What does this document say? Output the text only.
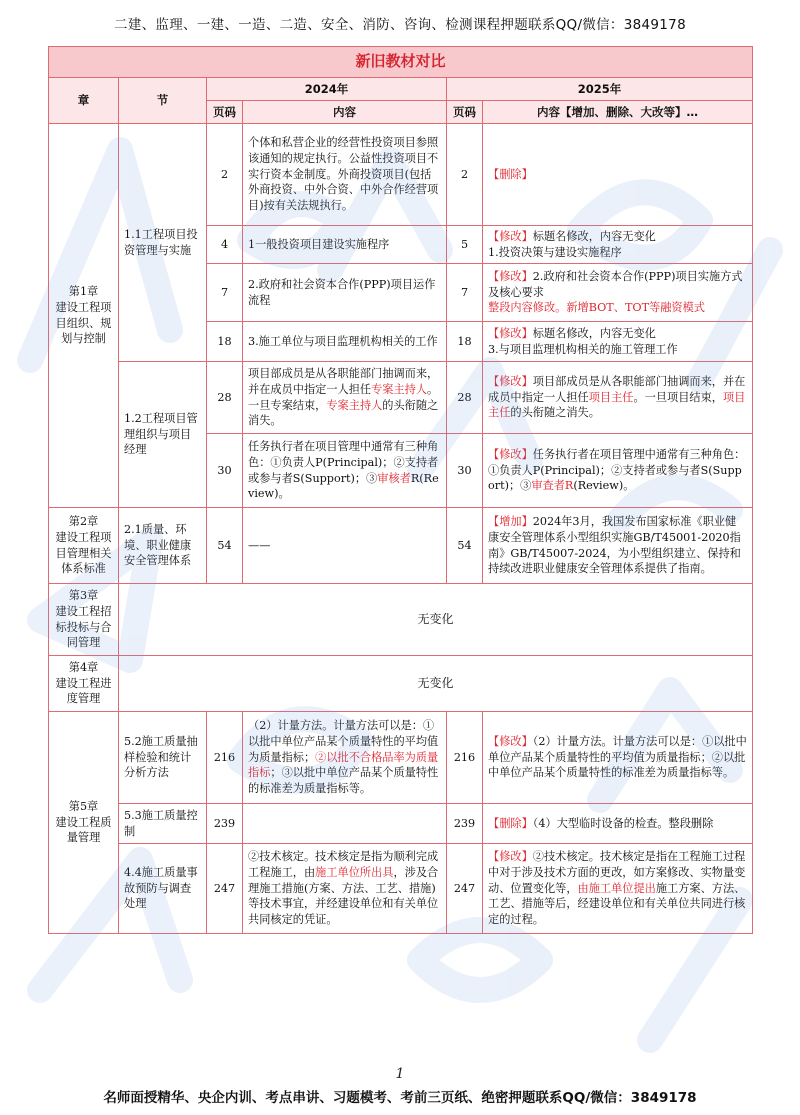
二建、监理、一建、一造、二造、安全、消防、咨询、检测课程押题联系QQ/微信：3849178
新旧教材对比					
章	节	2024年		2025年	
		页码	内容	页码	内容【增加、删除、大改等】…
第1章
建设工程项目组织、规划与控制	1.1工程项目投资管理与实施	2	个体和私营企业的经营性投资项目参照该通知的规定执行。公益性投资项目不实行资本金制度。外商投资项目(包括外商投资、中外合资、中外合作经营项目)按有关法规执行。	2	【删除】
		4	1一般投资项目建设实施程序	5	【修改】标题名修改，内容无变化
1.投资决策与建设实施程序
		7	2.政府和社会资本合作(PPP)项目运作流程	7	【修改】2.政府和社会资本合作(PPP)项目实施方式及核心要求
整段内容修改。新增BOT、TOT等融资模式
		18	3.施工单位与项目监理机构相关的工作	18	【修改】标题名修改，内容无变化
3.与项目监理机构相关的施工管理工作
	1.2工程项目管理组织与项目经理	28	项目部成员是从各职能部门抽调而来，并在成员中指定一人担任专案主持人。一旦专案结束，专案主持人的头衔随之消失。	28	【修改】项目部成员是从各职能部门抽调而来，并在成员中指定一人担任项目主任。一旦项目结束，项目主任的头衔随之消失。
		30	任务执行者在项目管理中通常有三种角色：①负责人P(Principal)；②支持者或参与者S(Support)；③审核者R(Review)。	30	【修改】任务执行者在项目管理中通常有三种角色：①负责人P(Principal)；②支持者或参与者S(Support)；③审查者R(Review)。
第2章
建设工程项目管理相关体系标准	2.1质量、环境、职业健康安全管理体系	54	——	54	【增加】2024年3月，我国发布国家标准《职业健康安全管理体系小型组织实施GB/T45001-2020指南》GB/T45007-2024，为小型组织建立、保持和持续改进职业健康安全管理体系提供了指南。
第3章
建设工程招标投标与合同管理	无变化				
第4章
建设工程进度管理	无变化				
第5章
建设工程质量管理	5.2施工质量抽样检验和统计分析方法	216	（2）计量方法。计量方法可以是：①以批中单位产品某个质量特性的平均值为质量指标；②以批不合格品率为质量指标；③以批中单位产品某个质量特性的标准差为质量指标等。	216	【修改】（2）计量方法。计量方法可以是：①以批中单位产品某个质量特性的平均值为质量指标；②以批中单位产品某个质量特性的标准差为质量指标等。
	5.3施工质量控制	239		239	【删除】（4）大型临时设备的检查。整段删除
	4.4施工质量事故预防与调查处理	247	②技术核定。技术核定是指为顺利完成工程施工，由施工单位所出具，涉及合理施工措施(方案、方法、工艺、措施)等技术事宜，并经建设单位和有关单位共同核定的凭证。	247	【修改】②技术核定。技术核定是指在工程施工过程中对于涉及技术方面的更改，如方案修改、实物量变动、位置变化等，由施工单位提出施工方案、方法、工艺、措施等后，经建设单位和有关单位共同进行核定的过程。
1
名师面授精华、央企内训、考点串讲、习题模考、考前三页纸、绝密押题联系QQ/微信：3849178
